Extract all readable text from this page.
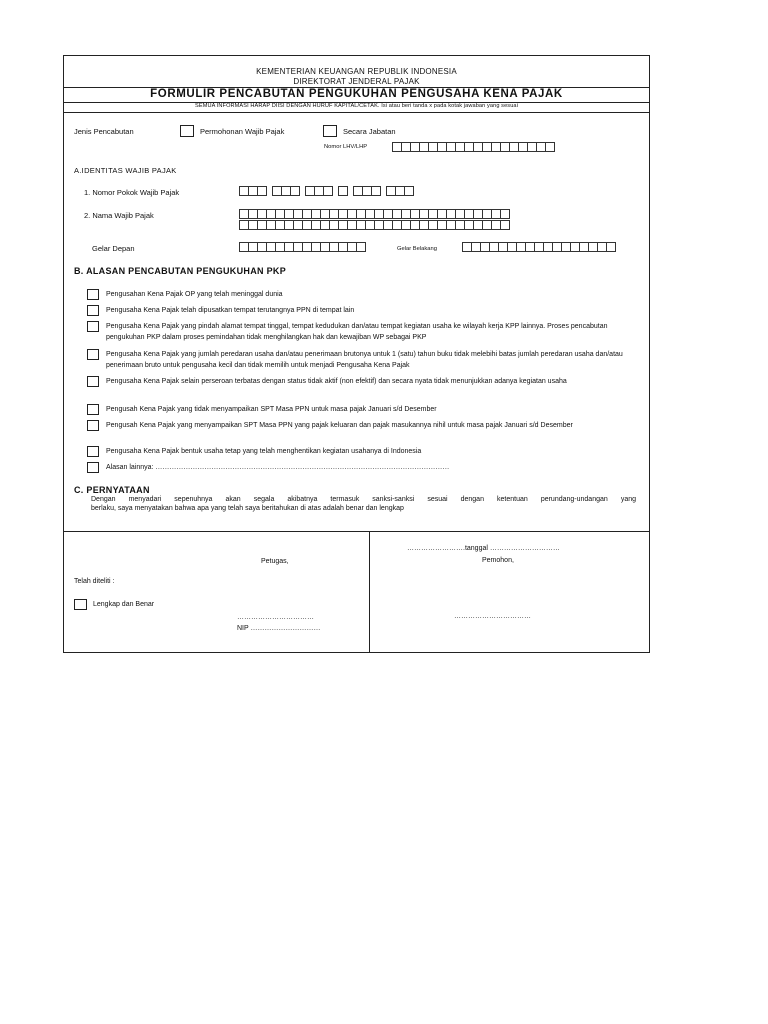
KEMENTERIAN KEUANGAN REPUBLIK INDONESIA
DIREKTORAT JENDERAL PAJAK
FORMULIR PENCABUTAN PENGUKUHAN PENGUSAHA KENA PAJAK
SEMUA INFORMASI HARAP DIISI DENGAN HURUF KAPITAL/CETAK. Isi atau beri tanda x pada kotak jawaban yang sesuai
Jenis Pencabutan	Permohonan Wajib Pajak	Secara Jabatan
Nomor LHV/LHP
A.IDENTITAS WAJIB PAJAK
1. Nomor Pokok Wajib Pajak
2. Nama Wajib Pajak
Gelar Depan	Gelar Belakang
B. ALASAN PENCABUTAN PENGUKUHAN PKP
Pengusahan Kena Pajak OP yang telah meninggal dunia
Pengusaha Kena Pajak telah dipusatkan tempat terutangnya PPN di tempat lain
Pengusaha Kena Pajak yang pindah alamat tempat tinggal, tempat kedudukan dan/atau tempat kegiatan usaha ke wilayah kerja KPP lainnya. Proses pencabutan pengukuhan PKP dalam proses pemindahan tidak menghilangkan hak dan kewajiban WP sebagai PKP
Pengusaha Kena Pajak yang jumlah peredaran usaha dan/atau penerimaan brutonya untuk 1 (satu) tahun buku tidak melebihi batas jumlah peredaran usaha dan/atau penerimaan bruto untuk pengusaha kecil dan tidak memilih untuk menjadi Pengusaha Kena Pajak
Pengusaha Kena Pajak selain perseroan terbatas dengan status tidak aktif (non efektif) dan secara nyata tidak menunjukkan adanya kegiatan usaha
Pengusah Kena Pajak yang tidak menyampaikan SPT Masa PPN untuk masa pajak Januari s/d Desember
Pengusah Kena Pajak yang menyampaikan SPT Masa PPN yang pajak keluaran dan pajak masukannya nihil untuk masa pajak Januari s/d Desember
Pengusaha Kena Pajak bentuk usaha tetap yang telah menghentikan kegiatan usahanya di Indonesia
Alasan lainnya: ………………………………………………………………………………………………………………
C. PERNYATAAN
Dengan menyadari sepenuhnya akan segala akibatnya termasuk sanksi-sanksi sesuai dengan ketentuan perundang-undangan yang
berlaku, saya menyatakan bahwa apa yang telah saya beritahukan di atas adalah benar dan lengkap
Petugas,
Telah diteliti :
Lengkap dan Benar
……………………………
NIP …………………………
…………………….tanggal …………………………
Pemohon,
……………………………
